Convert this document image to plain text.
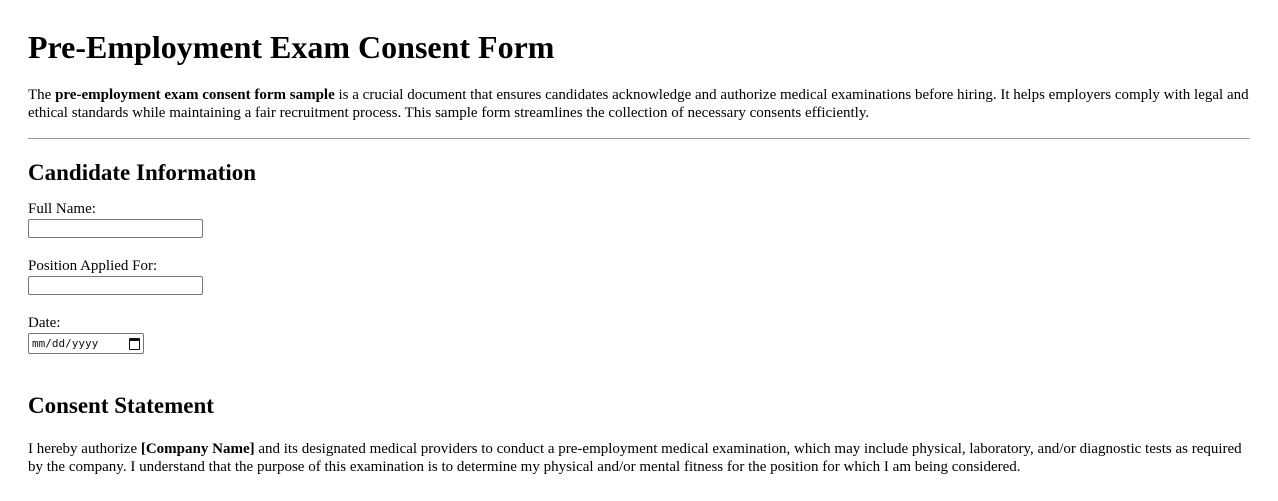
Pre-Employment Exam Consent Form

The pre-employment exam consent form sample is a crucial document that ensures candidates acknowledge and authorize medical examinations before hiring. It helps employers comply with legal and ethical standards while maintaining a fair recruitment process. This sample form streamlines the collection of necessary consents efficiently.

Candidate Information
Full Name:
Position Applied For:
Date:
mm/dd/yyyy
Consent Statement

I hereby authorize [Company Name] and its designated medical providers to conduct a pre-employment medical examination, which may include physical, laboratory, and/or diagnostic tests as required by the company. I understand that the purpose of this examination is to determine my physical and/or mental fitness for the position for which I am being considered.
